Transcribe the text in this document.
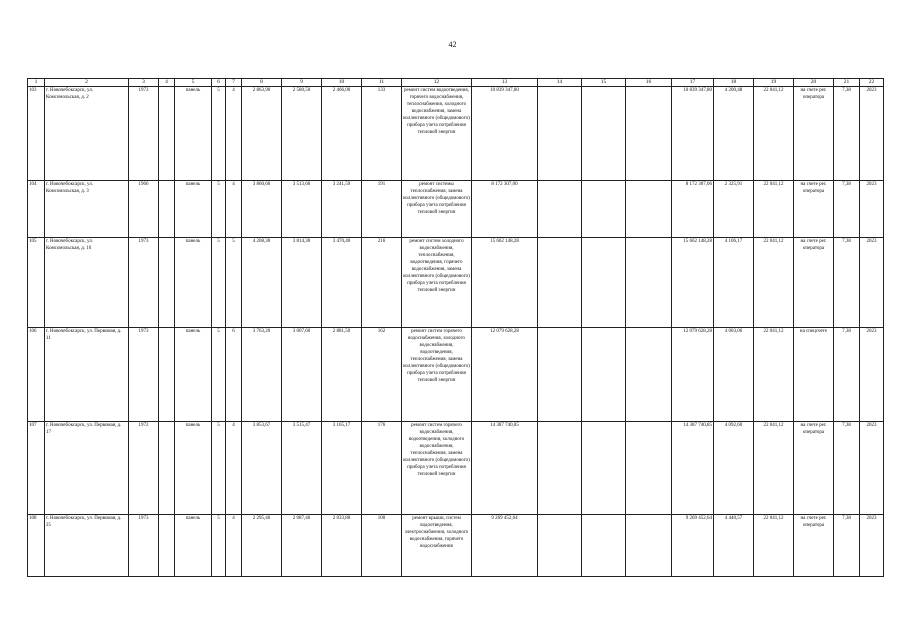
42
1	2	3	4	5	6	7	8	9	10	11	12	13	14	15	16	17	18	19	20	21	22
103	г. Новочебоксарск, ул. Комсомольская, д. 2	1973		панель	5	4	2 863,90	2 580,50	2 466,00	133	ремонт систем водоотведения, горячего водоснабжения, теплоснабжения, холодного водоснабжения, замена коллективного (общедомового) прибора учета потребления тепловой энергии	10 839 347,80				10 839 347,80	4 200,48	22 041,12	на счете рег. оператора	7,38	2023
104	г. Новочебоксарск, ул. Комсомольская, д. 3	1966		панель	5	4	3 860,60	3 513,60	3 241,59	191	ремонт системы теплоснабжения, замена коллективного (общедомового) прибора учета потребления тепловой энергии	8 172 307,00				8 172 307,06	2 325,91	22 041,12	на счете рег. оператора	7,38	2023
105	г. Новочебоксарск, ул. Комсомольская, д. 16	1973		панель	5	5	4 208,30	3 814,30	3 470,40	216	ремонт систем холодного водоснабжения, теплоснабжения, водоотведения, горячего водоснабжения, замена коллективного (общедомового) прибора учета потребления тепловой энергии	15 662 148,28				15 662 148,28	4 106,17	22 041,12	на счете рег. оператора	7,38	2023
106	г. Новочебоксарск, ул. Первомая, д. 11	1973		панель	5	6	3 763,20	3 007,60	2 881,50	162	ремонт систем горячего водоснабжения, холодного водоснабжения, водоотведения, теплоснабжения, замена коллективного (общедомового) прибора учета потребления тепловой энергии	12 079 628,28				12 079 628,28	4 003,06	22 041,12	на спецсчете	7,38	2023
107	г. Новочебоксарск, ул. Первомая, д. 17	1972		панель	5	4	3 853,67	3 515,47	3 165,17	176	ремонт систем горячего водоснабжения, водоотведения, холодного водоснабжения, теплоснабжения, замена коллективного (общедомового) прибора учета потребления тепловой энергии	14 387 740,85				14 387 740,85	4 092,60	22 041,12	на счете рег. оператора	7,38	2023
108	г. Новочебоксарск, ул. Первомая, д. 25	1973		панель	5	4	2 295,46	2 087,46	2 033,80	100	ремонт крыши, систем водоотведения, электроснабжения, холодного водоснабжения, горячего водоснабжения	9 269 452,64				9 269 452,64	4 440,57	22 041,12	на счете рег. оператора	7,38	2023
